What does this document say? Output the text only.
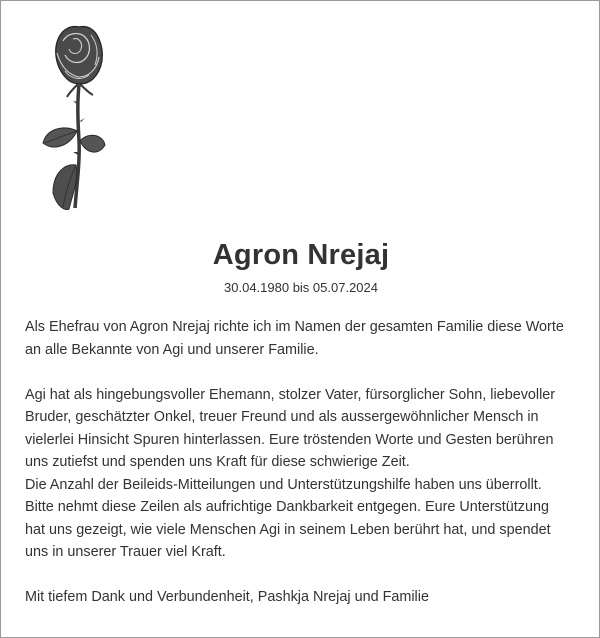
Agron Nrejaj
30.04.1980 bis 05.07.2024

Als Ehefrau von Agron Nrejaj richte ich im Namen der gesamten Familie diese Worte

an alle Bekannte von Agi und unserer Familie.

Agi hat als hingebungsvoller Ehemann, stolzer Vater, fürsorglicher Sohn, liebevoller

Bruder, geschätzter Onkel, treuer Freund und als aussergewöhnlicher Mensch in

vielerlei Hinsicht Spuren hinterlassen. Eure tröstenden Worte und Gesten berühren

uns zutiefst und spenden uns Kraft für diese schwierige Zeit.

Die Anzahl der Beileids-Mitteilungen und Unterstützungshilfe haben uns überrollt.

Bitte nehmt diese Zeilen als aufrichtige Dankbarkeit entgegen. Eure Unterstützung

hat uns gezeigt, wie viele Menschen Agi in seinem Leben berührt hat, und spendet

uns in unserer Trauer viel Kraft.

Mit tiefem Dank und Verbundenheit, Pashkja Nrejaj und Familie
